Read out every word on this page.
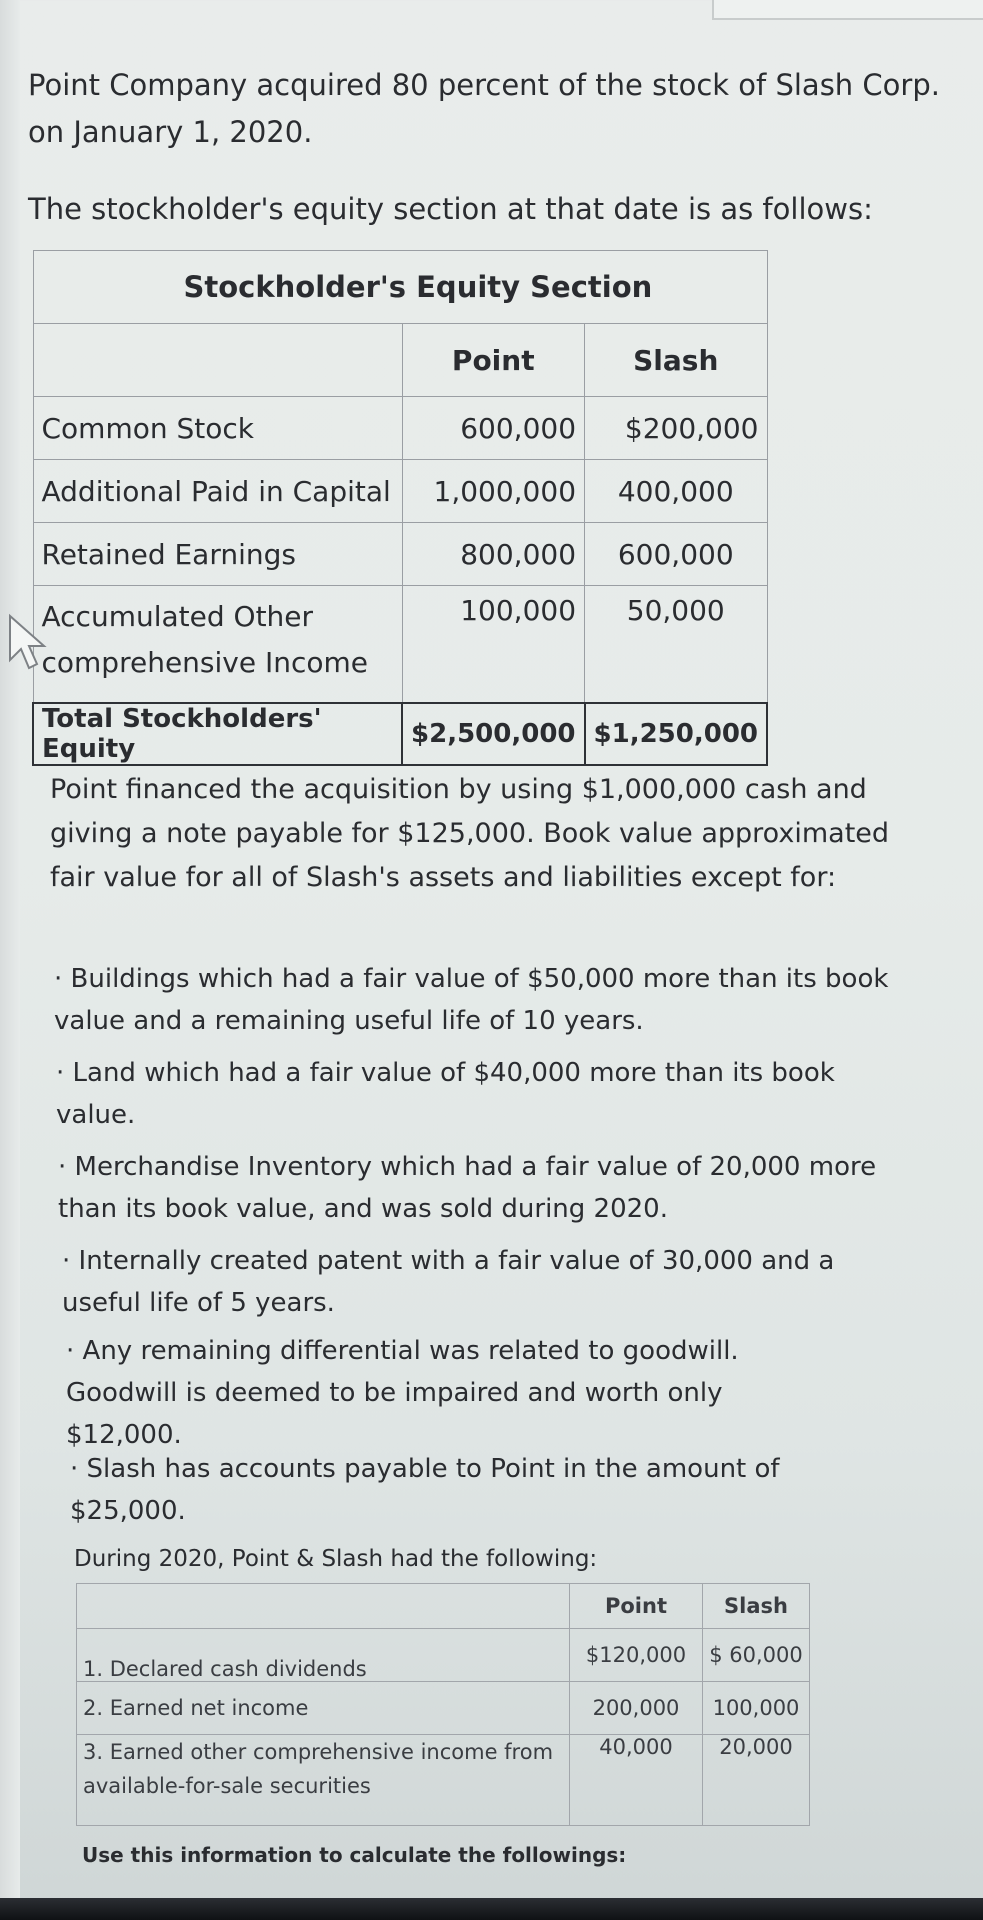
Point Company acquired 80 percent of the stock of Slash Corp. on January 1, 2020.

The stockholder's equity section at that date is as follows:

Stockholder's Equity Section		
	Point	Slash
Common Stock	600,000	$200,000
Additional Paid in Capital	1,000,000	400,000
Retained Earnings	800,000	600,000
Accumulated Other comprehensive Income	100,000	50,000
Total Stockholders' Equity	$2,500,000	$1,250,000

Point financed the acquisition by using $1,000,000 cash and giving a note payable for $125,000. Book value approximated fair value for all of Slash's assets and liabilities except for:

· Buildings which had a fair value of $50,000 more than its book value and a remaining useful life of 10 years.

· Land which had a fair value of $40,000 more than its book value.

· Merchandise Inventory which had a fair value of 20,000 more than its book value, and was sold during 2020.

· Internally created patent with a fair value of 30,000 and a useful life of 5 years.

· Any remaining differential was related to goodwill. Goodwill is deemed to be impaired and worth only $12,000.

· Slash has accounts payable to Point in the amount of $25,000.

During 2020, Point & Slash had the following:

	Point	Slash
1. Declared cash dividends	$120,000	$ 60,000
2. Earned net income	200,000	100,000
3. Earned other comprehensive income from available-for-sale securities	40,000	20,000

Use this information to calculate the followings:
